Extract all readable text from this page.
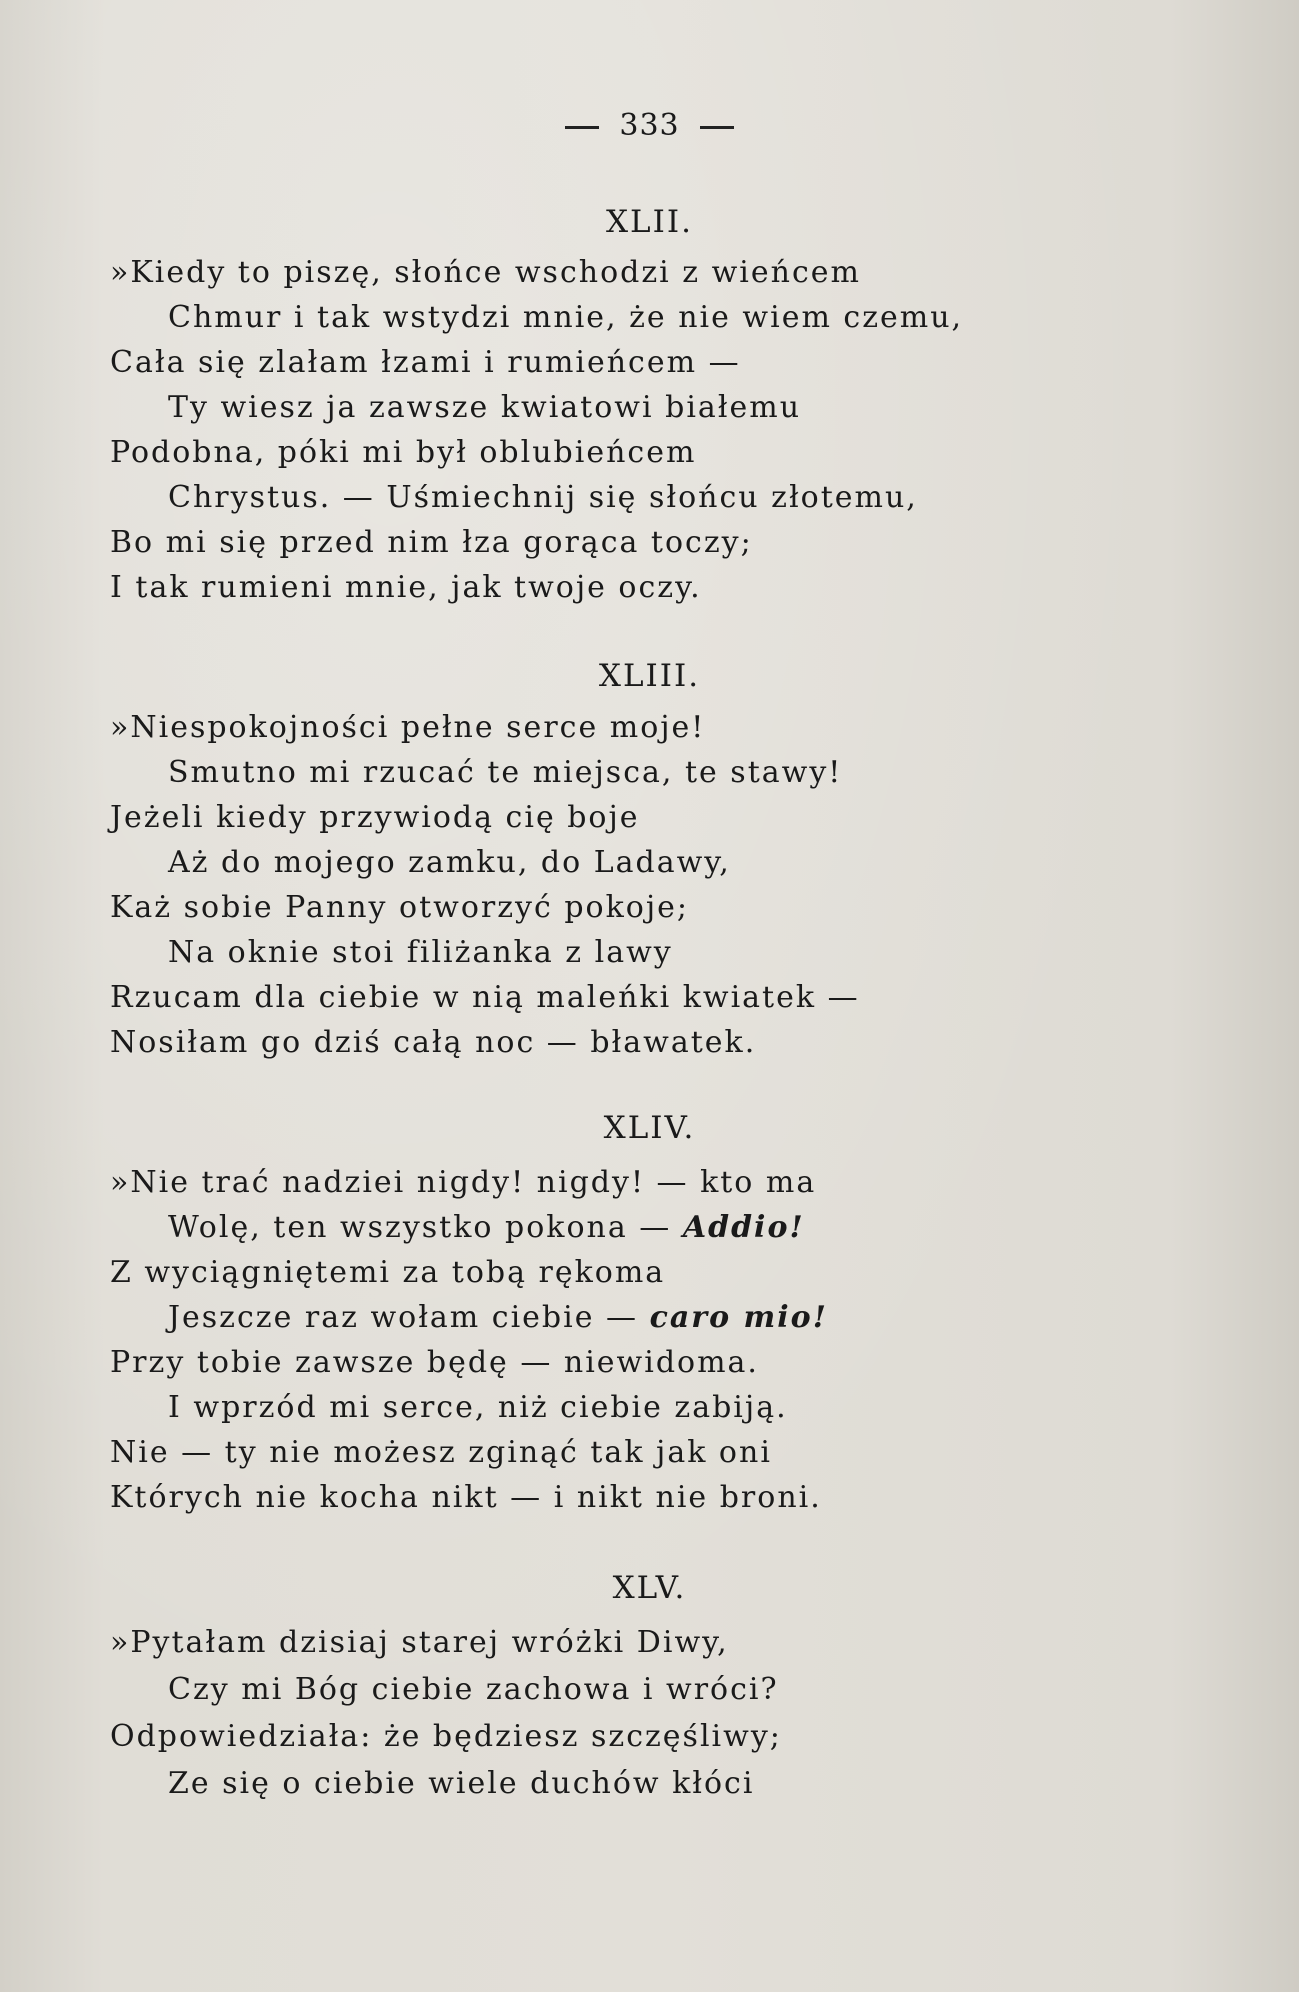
333
XLII.
»Kiedy to piszę, słońce wschodzi z wieńcem
Chmur i tak wstydzi mnie, że nie wiem czemu,
Cała się zlałam łzami i rumieńcem —
Ty wiesz ja zawsze kwiatowi białemu
Podobna, póki mi był oblubieńcem
Chrystus. — Uśmiechnij się słońcu złotemu,
Bo mi się przed nim łza gorąca toczy;
I tak rumieni mnie, jak twoje oczy.
XLIII.
»Niespokojności pełne serce moje!
Smutno mi rzucać te miejsca, te stawy!
Jeżeli kiedy przywiodą cię boje
Aż do mojego zamku, do Ladawy,
Każ sobie Panny otworzyć pokoje;
Na oknie stoi filiżanka z lawy
Rzucam dla ciebie w nią maleńki kwiatek —
Nosiłam go dziś całą noc — bławatek.
XLIV.
»Nie trać nadziei nigdy! nigdy! — kto ma
Wolę, ten wszystko pokona — Addio!
Z wyciągniętemi za tobą rękoma
Jeszcze raz wołam ciebie — caro mio!
Przy tobie zawsze będę — niewidoma.
I wprzód mi serce, niż ciebie zabiją.
Nie — ty nie możesz zginąć tak jak oni
Których nie kocha nikt — i nikt nie broni.
XLV.
»Pytałam dzisiaj starej wróżki Diwy,
Czy mi Bóg ciebie zachowa i wróci?
Odpowiedziała: że będziesz szczęśliwy;
Ze się o ciebie wiele duchów kłóci
